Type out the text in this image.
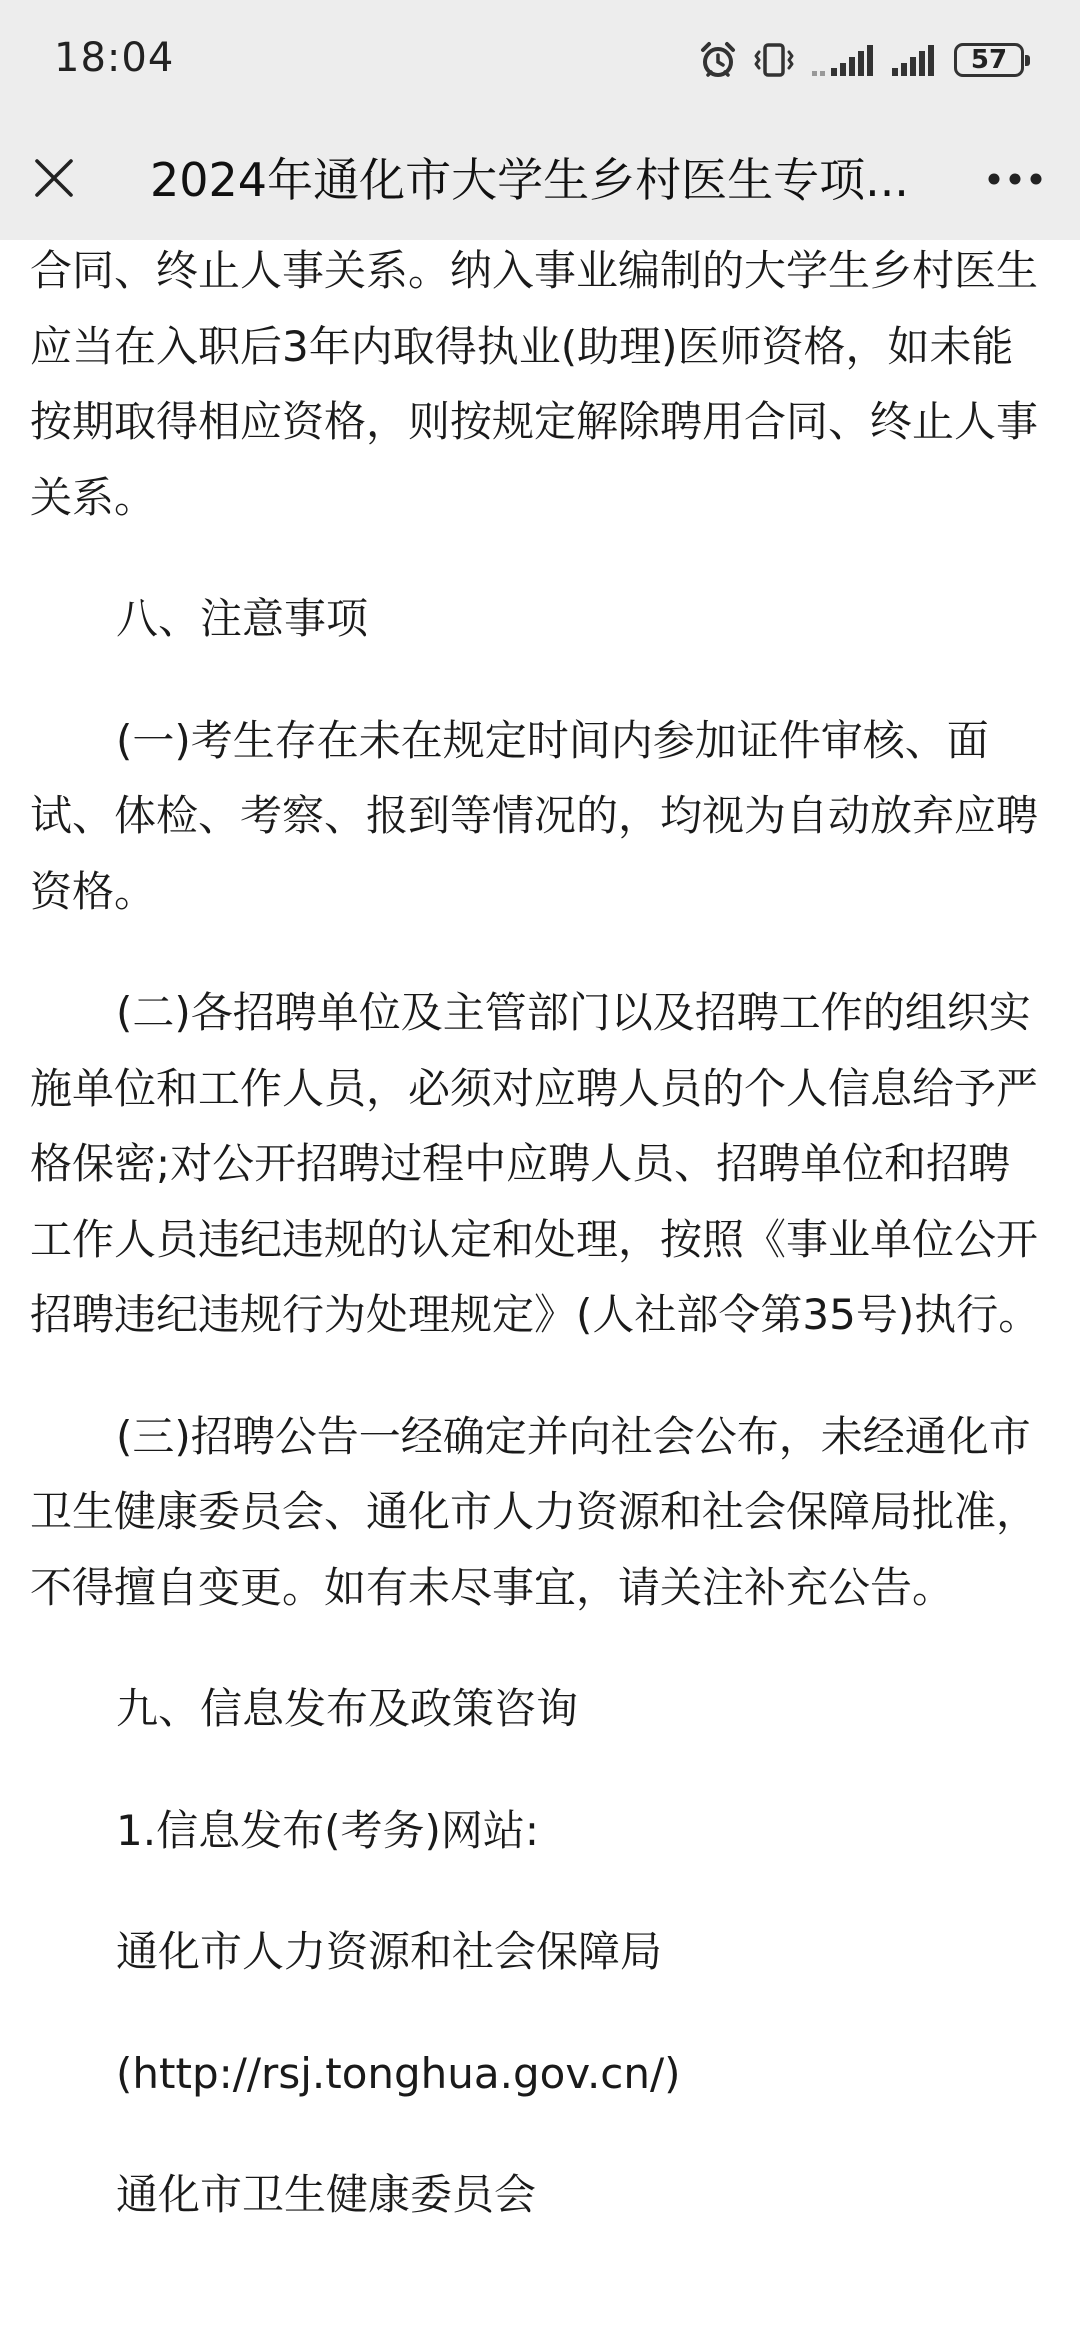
18:04	57
2024年通化市大学生乡村医生专项...

合同、终止人事关系。纳入事业编制的大学生乡村医生应当在入职后3年内取得执业(助理)医师资格，如未能按期取得相应资格，则按规定解除聘用合同、终止人事关系。

八、注意事项

(一)考生存在未在规定时间内参加证件审核、面试、体检、考察、报到等情况的，均视为自动放弃应聘资格。

(二)各招聘单位及主管部门以及招聘工作的组织实施单位和工作人员，必须对应聘人员的个人信息给予严格保密;对公开招聘过程中应聘人员、招聘单位和招聘工作人员违纪违规的认定和处理，按照《事业单位公开招聘违纪违规行为处理规定》(人社部令第35号)执行。

(三)招聘公告一经确定并向社会公布，未经通化市卫生健康委员会、通化市人力资源和社会保障局批准，不得擅自变更。如有未尽事宜，请关注补充公告。

九、信息发布及政策咨询

1.信息发布(考务)网站:

通化市人力资源和社会保障局

(http://rsj.tonghua.gov.cn/)

通化市卫生健康委员会
